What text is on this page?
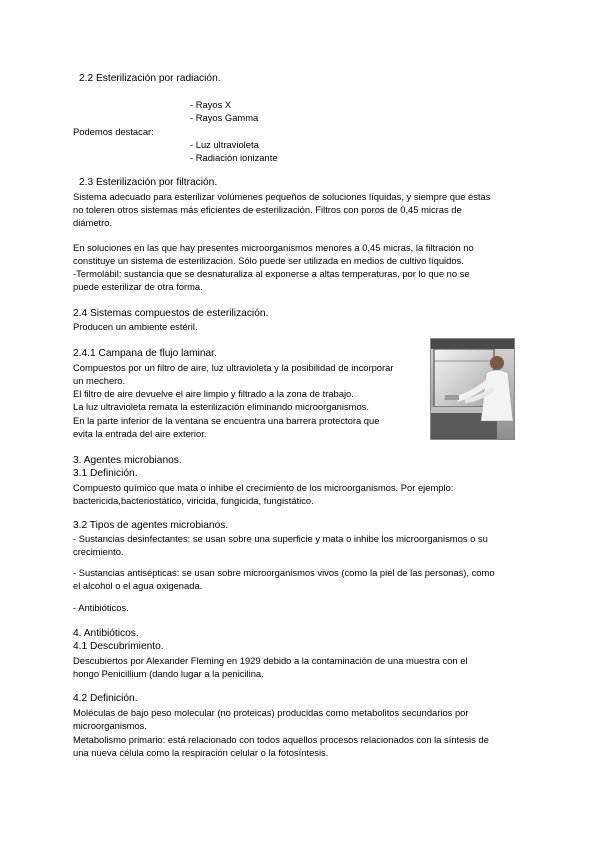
2.2 Esterilización por radiación.

- Rayos X

- Rayos Gamma

Podemos destacar:

- Luz ultravioleta

- Radiación ionizante

2.3 Esterilización por filtración.

Sistema adecuado para esterilizar volúmenes pequeños de soluciones líquidas, y siempre que éstas

no toleren otros sistemas más eficientes de esterilización. Filtros con poros de 0,45 micras de

diámetro.

En soluciones en las que hay presentes microorganismos menores a 0,45 micras, la filtración no

constituye un sistema de esterilización. Sólo puede ser utilizada en medios de cultivo líquidos.

-Termolábil: sustancia que se desnaturaliza al exponerse a altas temperaturas, por lo que no se

puede esterilizar de otra forma.

2.4 Sistemas compuestos de esterilización.

Producen un ambiente estéril.

2.4.1 Campana de flujo laminar.

Compuestos por un filtro de aire, luz ultravioleta y la posibilidad de incorporar

un mechero.

El filtro de aire devuelve el aire limpio y filtrado a la zona de trabajo.

La luz ultravioleta remata la esterilización eliminando microorganismos.

En la parte inferior de la ventana se encuentra una barrera protectora que

evita la entrada del aire exterior.

3. Agentes microbianos.

3.1 Definición.

Compuesto químico que mata o inhibe el crecimiento de los microorganismos. Por ejemplo:

bactericida,bacteriostático, viricida, fungicida, fungistático.

3.2 Tipos de agentes microbianos.

- Sustancias desinfectantes: se usan sobre una superficie y mata o inhibe los microorganismos o su

crecimiento.

- Sustancias antisépticas: se usan sobre microorganismos vivos (como la piel de las personas), como

el alcohol o el agua oxigenada.

- Antibióticos.

4. Antibióticos.

4.1 Descubrimiento.

Descubiertos por Alexander Fleming en 1929 debido a la contaminación de una muestra con el

hongo Penicillium (dando lugar a la penicilina.

4.2 Definición.

Moléculas de bajo peso molecular (no proteicas) producidas como metabolitos secundarios por

microorganismos.

Metabolismo primario: está relacionado con todos aquellos procesos relacionados con la síntesis de

una nueva célula como la respiración celular o la fotosíntesis.
